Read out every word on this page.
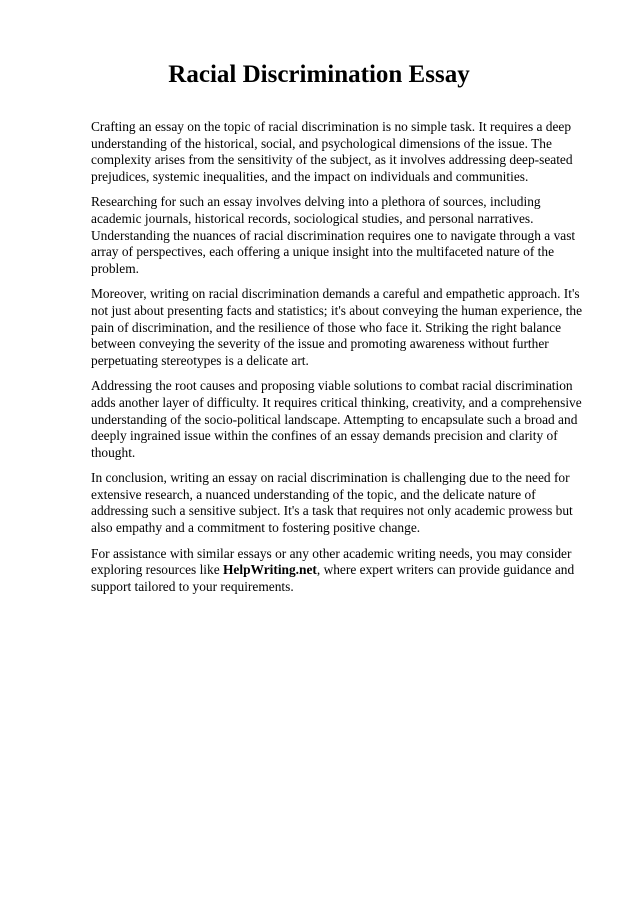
Racial Discrimination Essay

Crafting an essay on the topic of racial discrimination is no simple task. It requires a deep understanding of the historical, social, and psychological dimensions of the issue. The complexity arises from the sensitivity of the subject, as it involves addressing deep-seated prejudices, systemic inequalities, and the impact on individuals and communities.

Researching for such an essay involves delving into a plethora of sources, including academic journals, historical records, sociological studies, and personal narratives. Understanding the nuances of racial discrimination requires one to navigate through a vast array of perspectives, each offering a unique insight into the multifaceted nature of the problem.

Moreover, writing on racial discrimination demands a careful and empathetic approach. It's not just about presenting facts and statistics; it's about conveying the human experience, the pain of discrimination, and the resilience of those who face it. Striking the right balance between conveying the severity of the issue and promoting awareness without further perpetuating stereotypes is a delicate art.

Addressing the root causes and proposing viable solutions to combat racial discrimination adds another layer of difficulty. It requires critical thinking, creativity, and a comprehensive understanding of the socio-political landscape. Attempting to encapsulate such a broad and deeply ingrained issue within the confines of an essay demands precision and clarity of thought.

In conclusion, writing an essay on racial discrimination is challenging due to the need for extensive research, a nuanced understanding of the topic, and the delicate nature of addressing such a sensitive subject. It's a task that requires not only academic prowess but also empathy and a commitment to fostering positive change.

For assistance with similar essays or any other academic writing needs, you may consider exploring resources like HelpWriting.net, where expert writers can provide guidance and support tailored to your requirements.
